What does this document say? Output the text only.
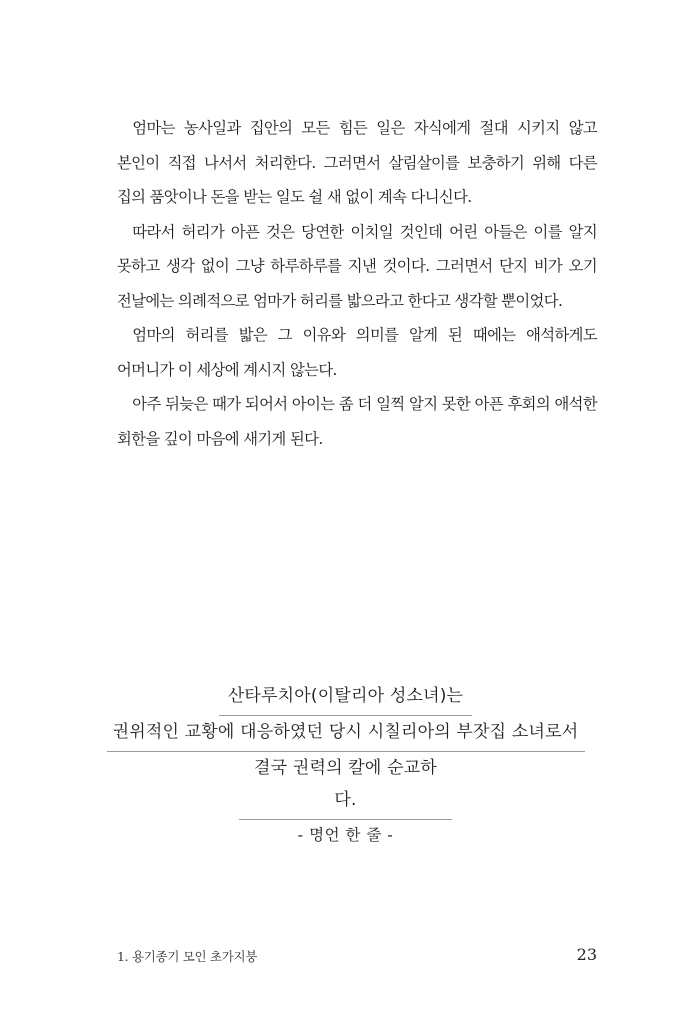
엄마는 농사일과 집안의 모든 힘든 일은 자식에게 절대 시키지 않고 본인이 직접 나서서 처리한다. 그러면서 살림살이를 보충하기 위해 다른 집의 품앗이나 돈을 받는 일도 쉴 새 없이 계속 다니신다.

따라서 허리가 아픈 것은 당연한 이치일 것인데 어린 아들은 이를 알지 못하고 생각 없이 그냥 하루하루를 지낸 것이다. 그러면서 단지 비가 오기 전날에는 의례적으로 엄마가 허리를 밟으라고 한다고 생각할 뿐이었다.

엄마의 허리를 밟은 그 이유와 의미를 알게 된 때에는 애석하게도 어머니가 이 세상에 계시지 않는다.

아주 뒤늦은 때가 되어서 아이는 좀 더 일찍 알지 못한 아픈 후회의 애석한 회한을 깊이 마음에 새기게 된다.

산타루치아(이탈리아 성소녀)는
권위적인 교황에 대응하였던 당시 시칠리아의 부잣집 소녀로서
결국 권력의 칼에 순교하다.
- 명언 한 줄 -
1. 용기종기 모인 초가지붕	23
